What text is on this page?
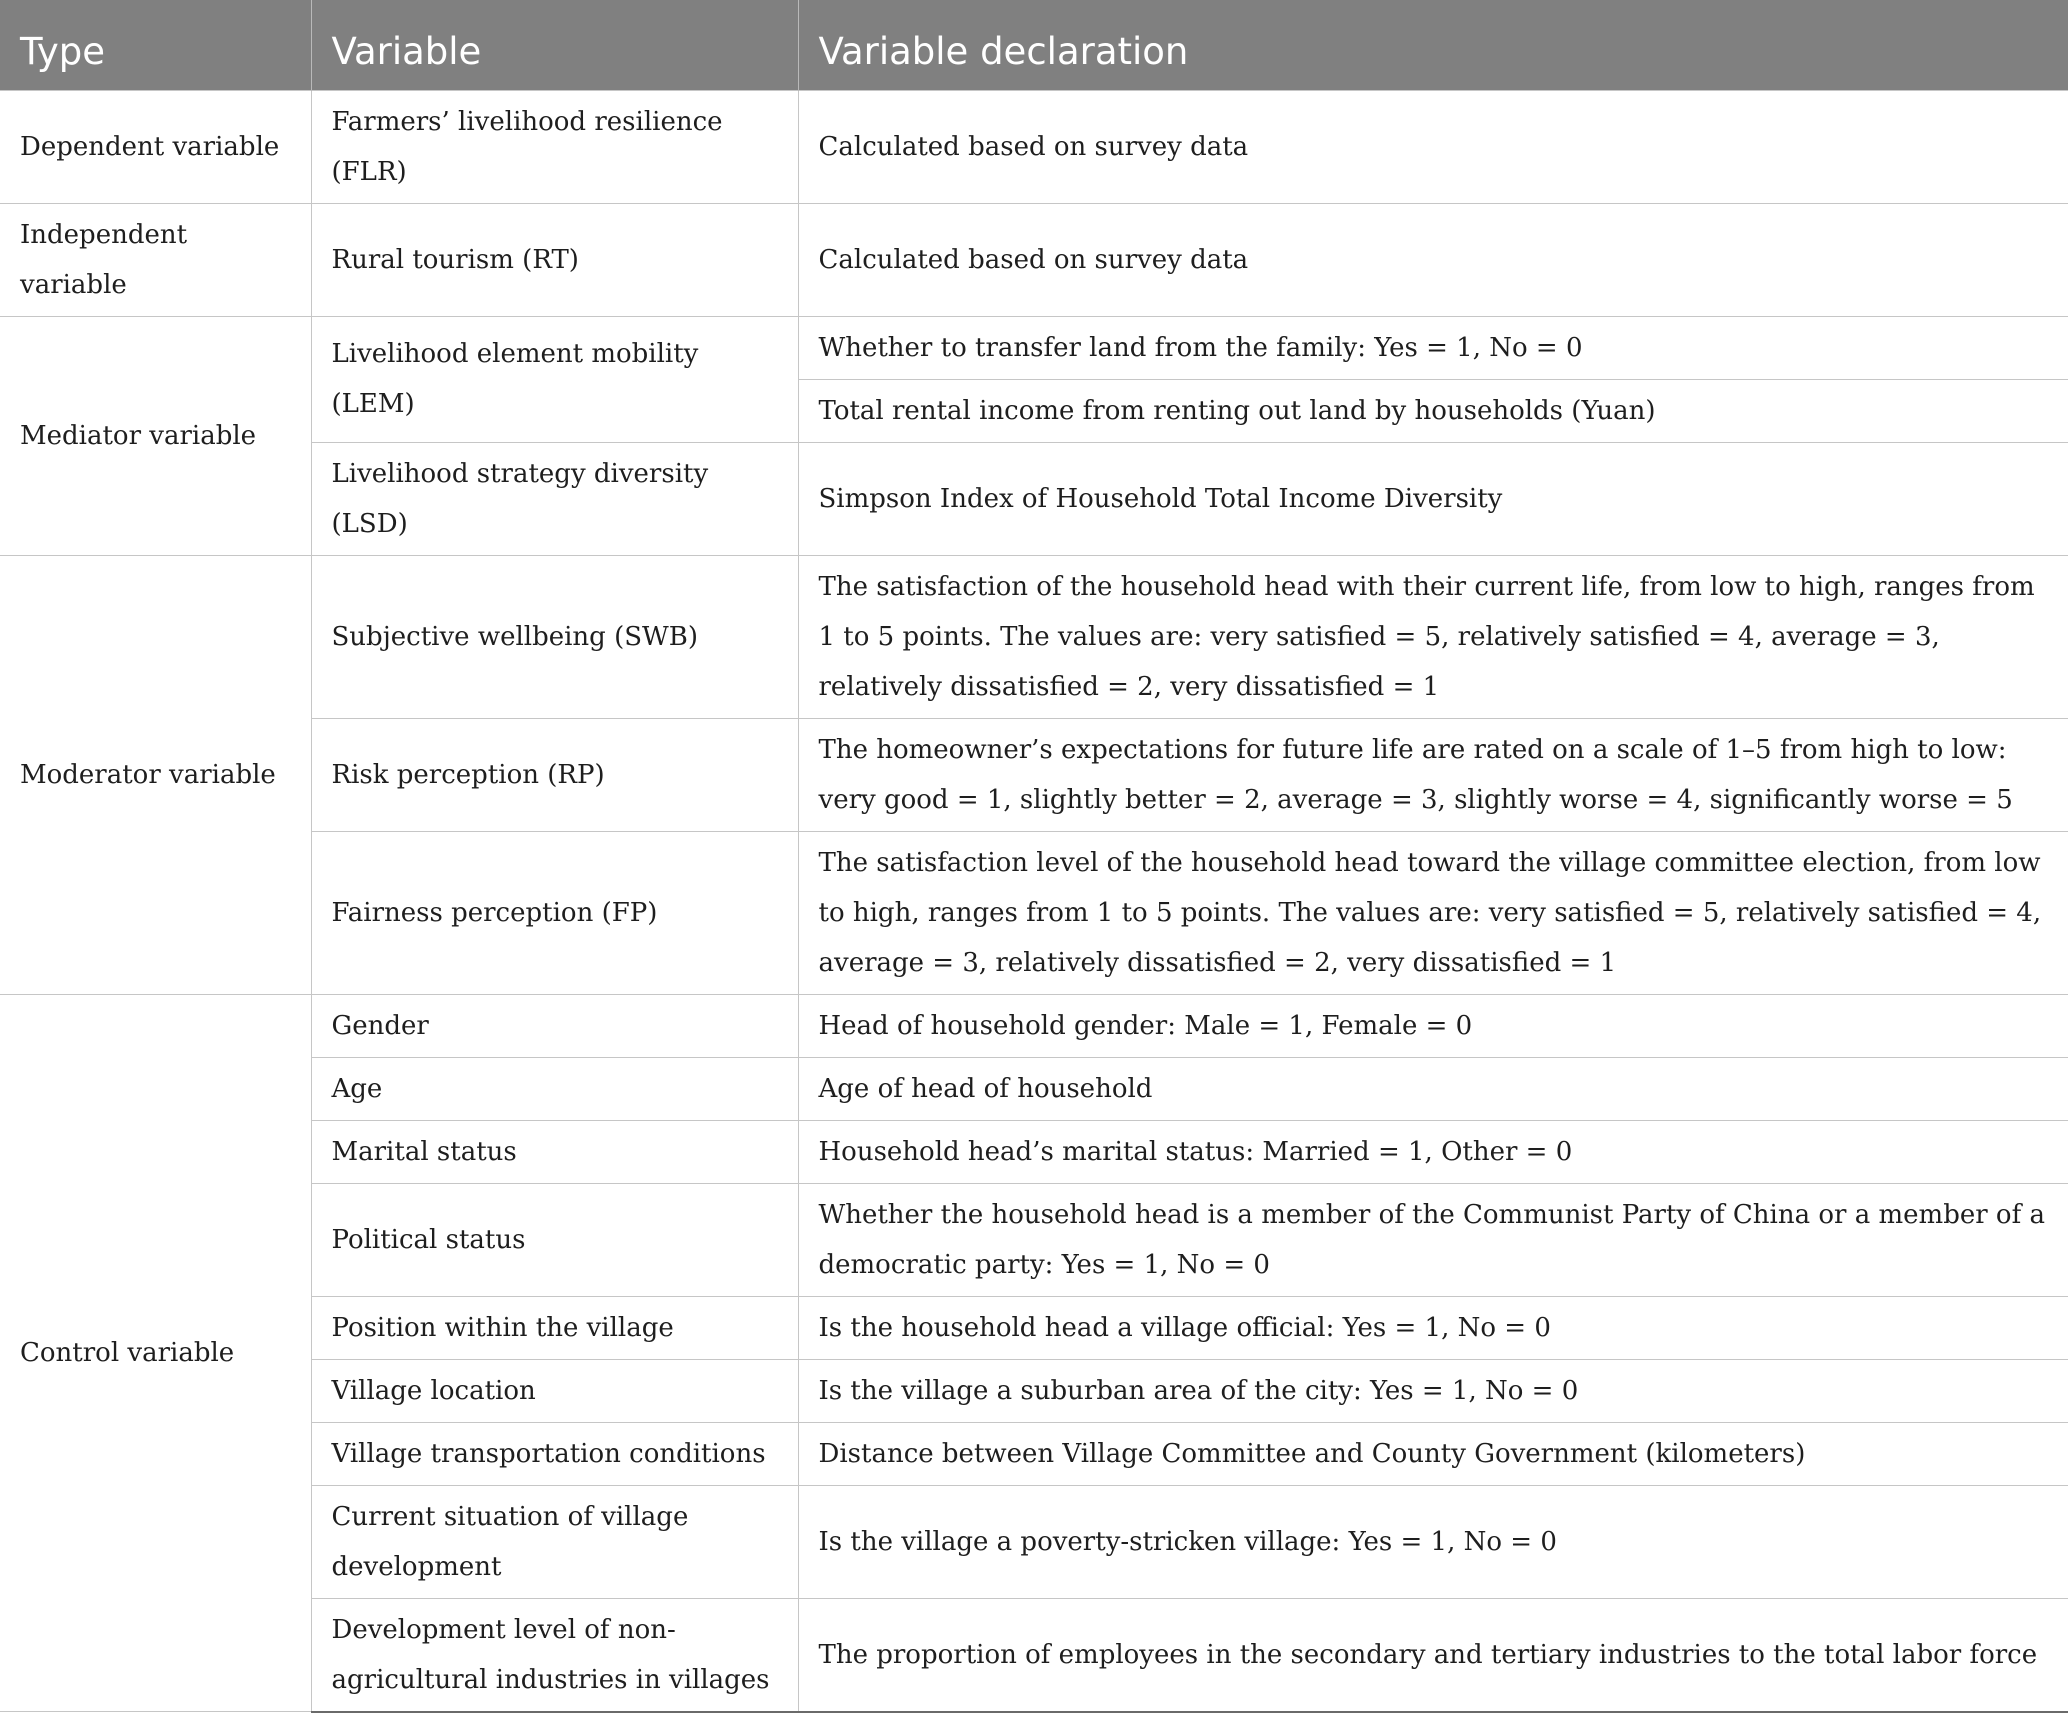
Type	Variable	Variable declaration
Dependent variable	Farmers’ livelihood resilience (FLR)	Calculated based on survey data
Independent variable	Rural tourism (RT)	Calculated based on survey data
Mediator variable	Livelihood element mobility (LEM)	Whether to transfer land from the family: Yes = 1, No = 0
		Total rental income from renting out land by households (Yuan)
	Livelihood strategy diversity (LSD)	Simpson Index of Household Total Income Diversity
Moderator variable	Subjective wellbeing (SWB)	The satisfaction of the household head with their current life, from low to high, ranges from 1 to 5 points. The values are: very satisfied = 5, relatively satisfied = 4, average = 3, relatively dissatisfied = 2, very dissatisfied = 1
	Risk perception (RP)	The homeowner’s expectations for future life are rated on a scale of 1–5 from high to low: very good = 1, slightly better = 2, average = 3, slightly worse = 4, significantly worse = 5
	Fairness perception (FP)	The satisfaction level of the household head toward the village committee election, from low to high, ranges from 1 to 5 points. The values are: very satisfied = 5, relatively satisfied = 4, average = 3, relatively dissatisfied = 2, very dissatisfied = 1
Control variable	Gender	Head of household gender: Male = 1, Female = 0
	Age	Age of head of household
	Marital status	Household head’s marital status: Married = 1, Other = 0
	Political status	Whether the household head is a member of the Communist Party of China or a member of a democratic party: Yes = 1, No = 0
	Position within the village	Is the household head a village official: Yes = 1, No = 0
	Village location	Is the village a suburban area of the city: Yes = 1, No = 0
	Village transportation conditions	Distance between Village Committee and County Government (kilometers)
	Current situation of village development	Is the village a poverty-stricken village: Yes = 1, No = 0
	Development level of non-agricultural industries in villages	The proportion of employees in the secondary and tertiary industries to the total labor force
